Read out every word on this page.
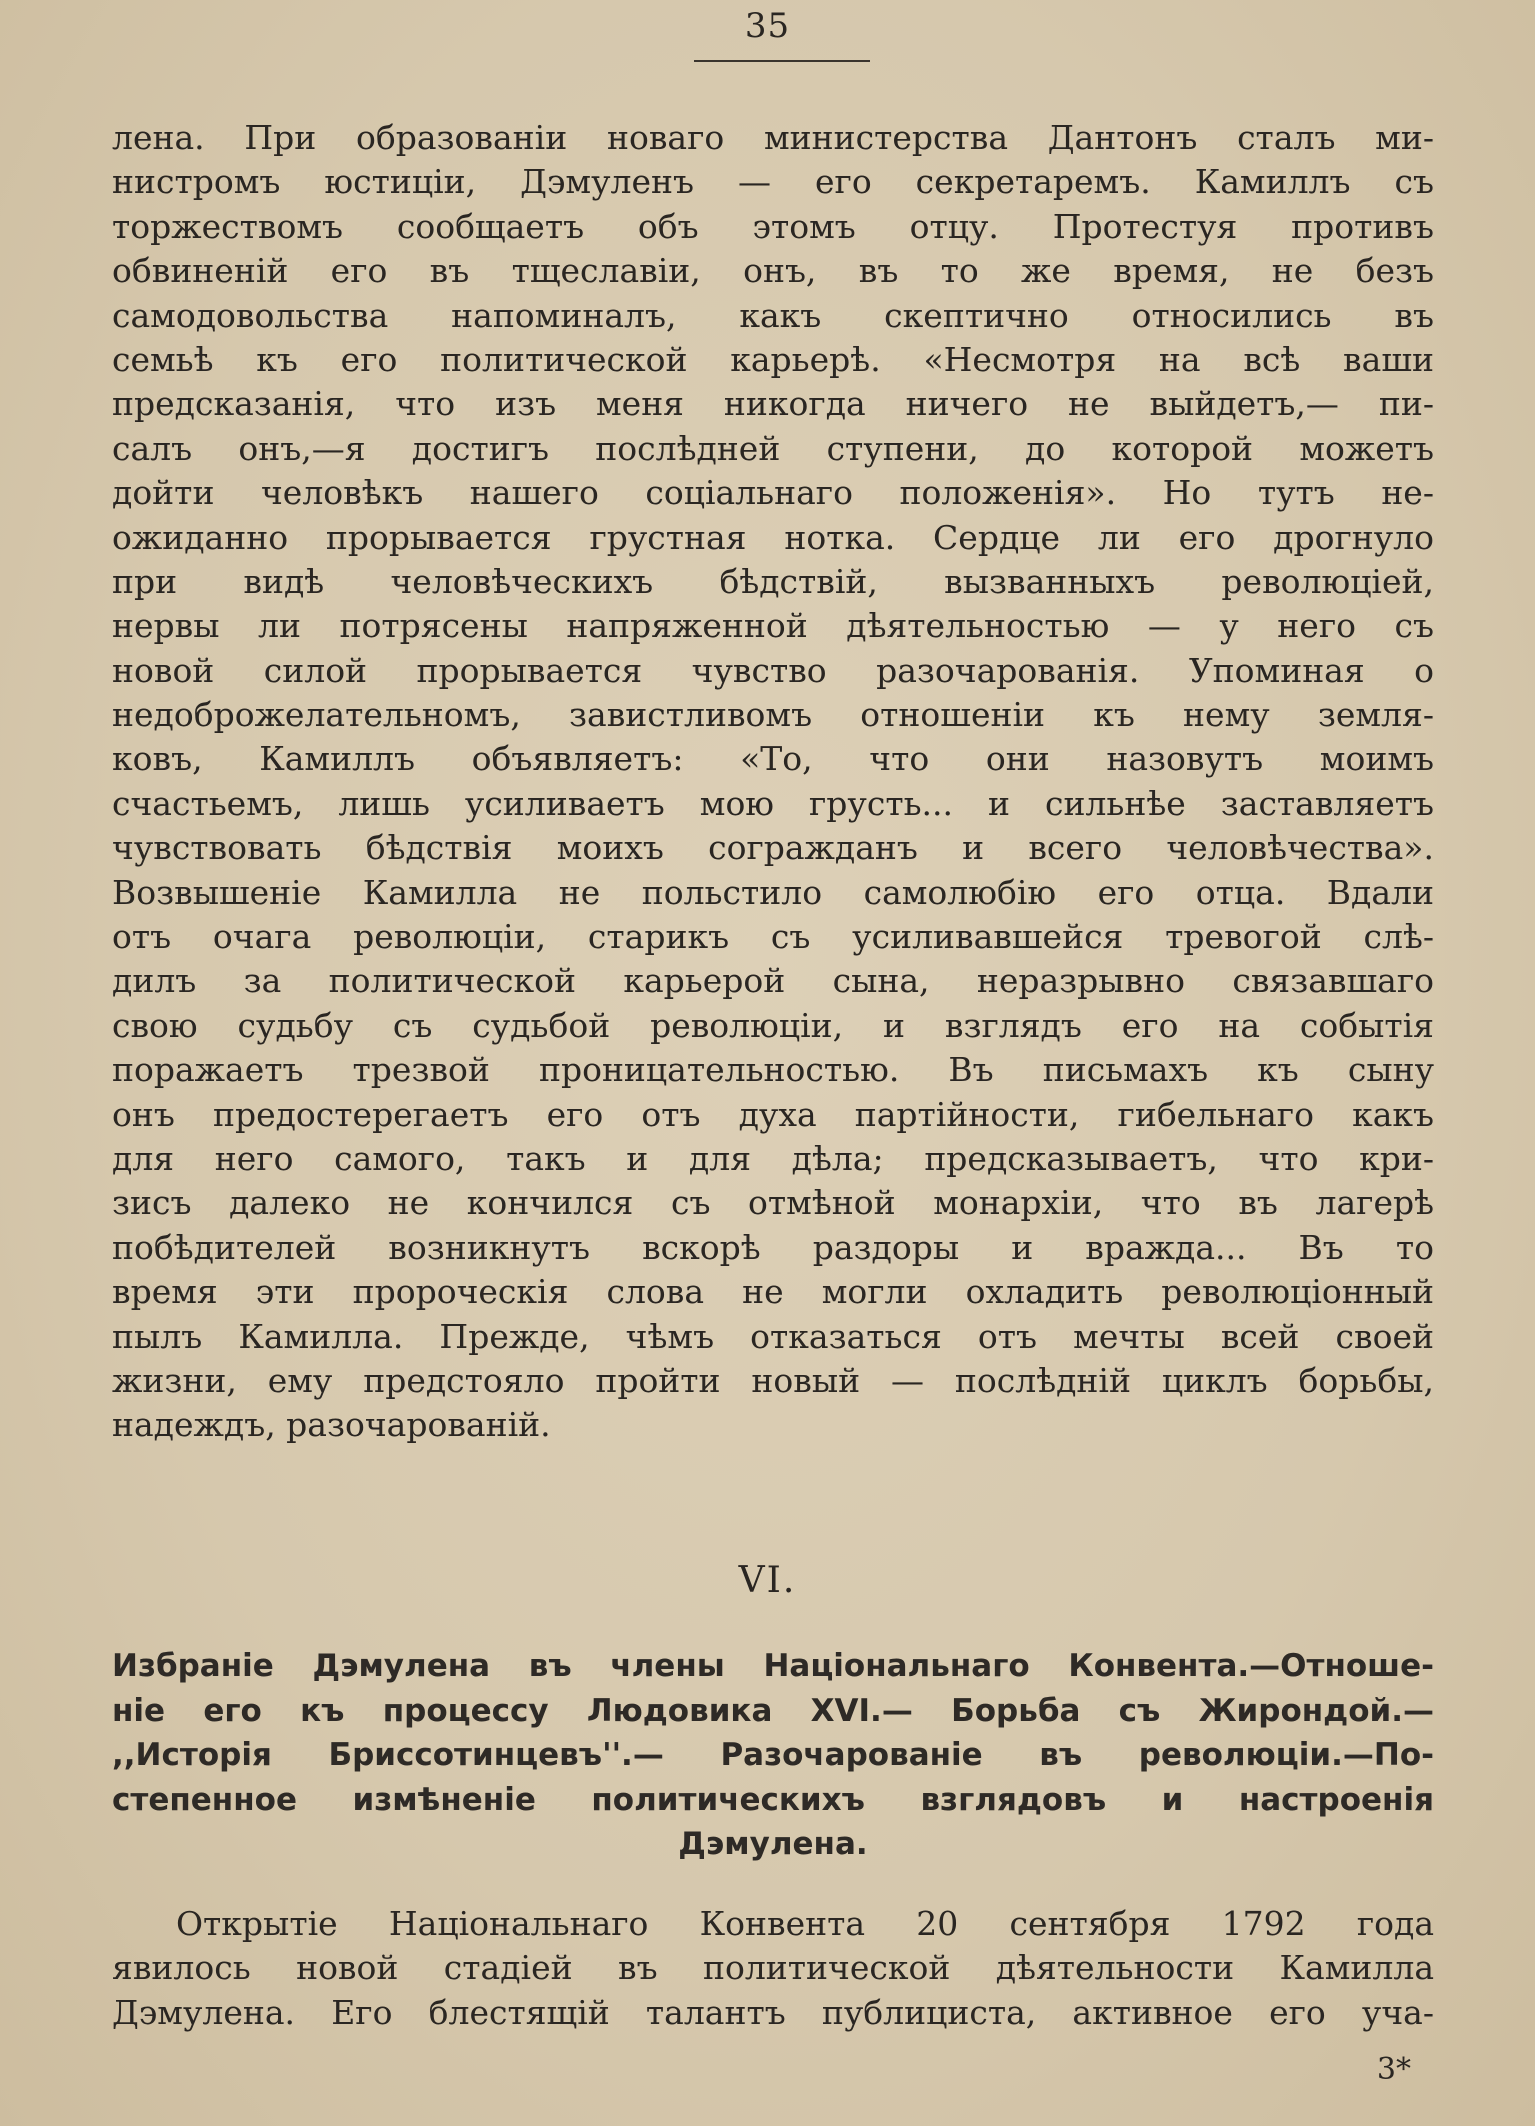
35
лена. При образованіи новаго министерства Дантонъ сталъ ми-
нистромъ юстиціи, Дэмуленъ — его секретаремъ. Камиллъ съ
торжествомъ сообщаетъ объ этомъ отцу. Протестуя противъ
обвиненій его въ тщеславіи, онъ, въ то же время, не безъ
самодовольства напоминалъ, какъ скептично относились въ
семьѣ къ его политической карьерѣ. «Несмотря на всѣ ваши
предсказанія, что изъ меня никогда ничего не выйдетъ,— пи-
салъ онъ,—я достигъ послѣдней ступени, до которой можетъ
дойти человѣкъ нашего соціальнаго положенія». Но тутъ не-
ожиданно прорывается грустная нотка. Сердце ли его дрогнуло
при видѣ человѣческихъ бѣдствій, вызванныхъ революціей,
нервы ли потрясены напряженной дѣятельностью — у него съ
новой силой прорывается чувство разочарованія. Упоминая о
недоброжелательномъ, завистливомъ отношеніи къ нему земля-
ковъ, Камиллъ объявляетъ: «То, что они назовутъ моимъ
счастьемъ, лишь усиливаетъ мою грусть... и сильнѣе заставляетъ
чувствовать бѣдствія моихъ согражданъ и всего человѣчества».
Возвышеніе Камилла не польстило самолюбію его отца. Вдали
отъ очага революціи, старикъ съ усиливавшейся тревогой слѣ-
дилъ за политической карьерой сына, неразрывно связавшаго
свою судьбу съ судьбой революціи, и взглядъ его на событія
поражаетъ трезвой проницательностью. Въ письмахъ къ сыну
онъ предостерегаетъ его отъ духа партійности, гибельнаго какъ
для него самого, такъ и для дѣла; предсказываетъ, что кри-
зисъ далеко не кончился съ отмѣной монархіи, что въ лагерѣ
побѣдителей возникнутъ вскорѣ раздоры и вражда... Въ то
время эти пророческія слова не могли охладить революціонный
пылъ Камилла. Прежде, чѣмъ отказаться отъ мечты всей своей
жизни, ему предстояло пройти новый — послѣдній циклъ борьбы,
надеждъ, разочарованій.
VI.
Избраніе Дэмулена въ члены Національнаго Конвента.—Отноше-
ніе его къ процессу Людовика XVI.— Борьба съ Жирондой.—
,,Исторія Бриссотинцевъ''.— Разочарованіе въ революціи.—По-
степенное измѣненіе политическихъ взглядовъ и настроенія
Дэмулена.
Открытіе Національнаго Конвента 20 сентября 1792 года
явилось новой стадіей въ политической дѣятельности Камилла
Дэмулена. Его блестящій талантъ публициста, активное его уча-
3*
